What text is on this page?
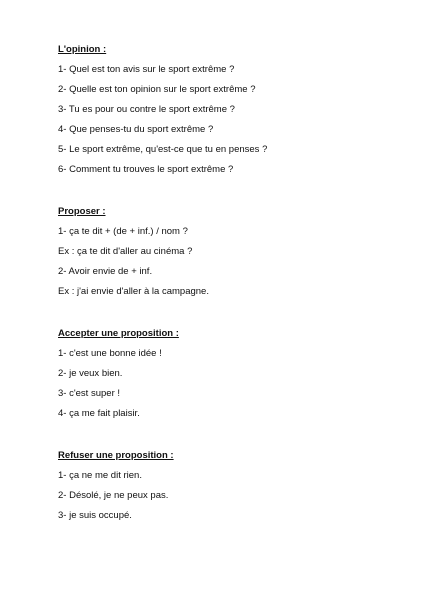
L'opinion :
1- Quel est ton avis sur le sport extrême ?
2- Quelle est ton opinion sur le sport extrême ?
3- Tu es pour ou contre le sport extrême ?
4- Que penses-tu du sport extrême ?
5- Le sport extrême, qu'est-ce que tu en penses ?
6- Comment tu trouves le sport extrême ?
Proposer :
1- ça te dit + (de + inf.) / nom ?
Ex : ça te dit d'aller au cinéma ?
2- Avoir envie de + inf.
Ex : j'ai envie d'aller à la campagne.
Accepter une proposition :
1- c'est une bonne idée !
2- je veux bien.
3- c'est super !
4- ça me fait plaisir.
Refuser une proposition :
1- ça ne me dit rien.
2- Désolé, je ne peux pas.
3- je suis occupé.
